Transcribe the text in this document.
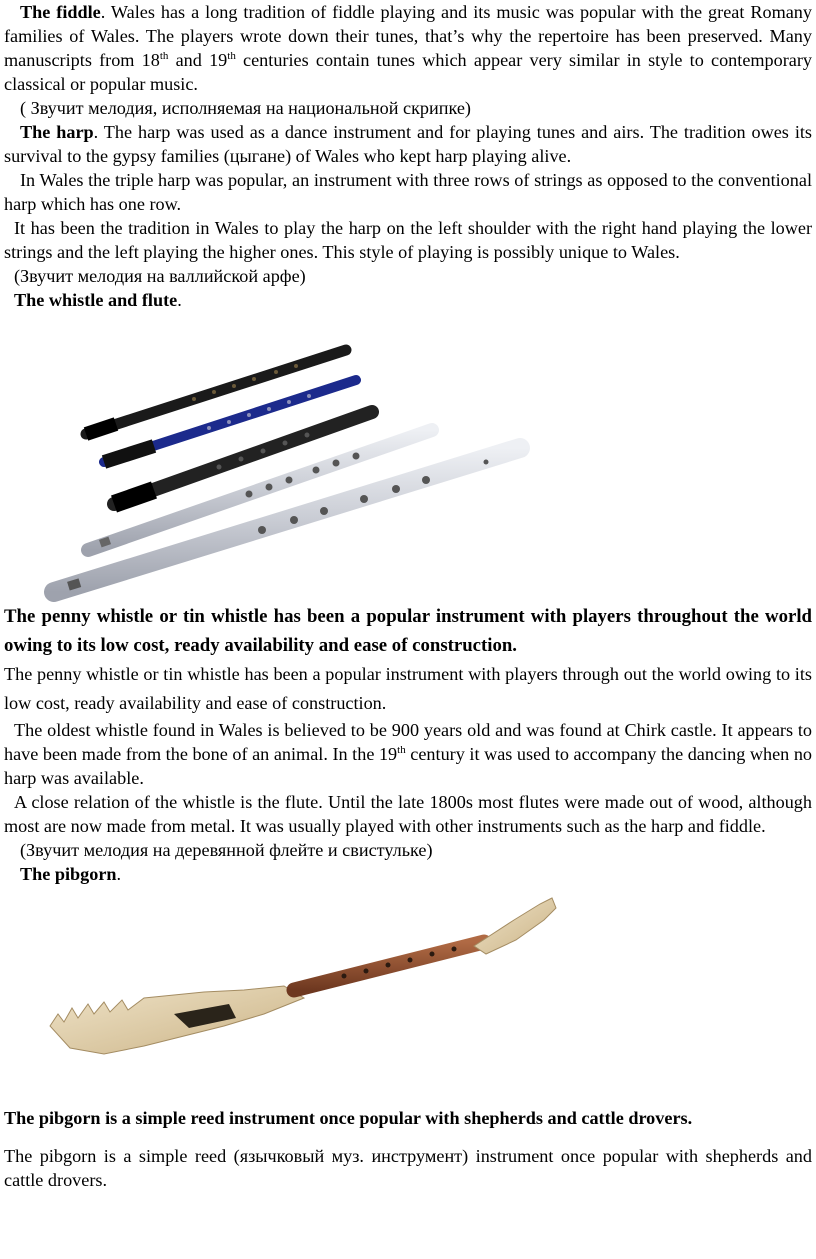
The fiddle. Wales has a long tradition of fiddle playing and its music was popular with the great Romany families of Wales. The players wrote down their tunes, that’s why the repertoire has been preserved. Many manuscripts from 18th and 19th centuries contain tunes which appear very similar in style to contemporary classical or popular music.

( Звучит мелодия, исполняемая на национальной скрипке)

The harp. The harp was used as a dance instrument and for playing tunes and airs. The tradition owes its survival to the gypsy families (цыгане) of Wales who kept harp playing alive.

In Wales the triple harp was popular, an instrument with three rows of strings as opposed to the conventional harp which has one row.

It has been the tradition in Wales to play the harp on the left shoulder with the right hand playing the lower strings and the left playing the higher ones. This style of playing is possibly unique to Wales.

(Звучит мелодия на валлийской арфе)

The whistle and flute.

The penny whistle or tin whistle has been a popular instrument with players throughout the world owing to its low cost, ready availability and ease of construction.

The penny whistle or tin whistle has been a popular instrument with players through out the world owing to its low cost, ready availability and ease of construction.

The oldest whistle found in Wales is believed to be 900 years old and was found at Chirk castle. It appears to have been made from the bone of an animal. In the 19th century it was used to accompany the dancing when no harp was available.

A close relation of the whistle is the flute. Until the late 1800s most flutes were made out of wood, although most are now made from metal. It was usually played with other instruments such as the harp and fiddle.

(Звучит мелодия на деревянной флейте и свистульке)

The pibgorn.

The pibgorn is a simple reed instrument once popular with shepherds and cattle drovers.

The pibgorn is a simple reed (язычковый муз. инструмент) instrument once popular with shepherds and cattle drovers.
